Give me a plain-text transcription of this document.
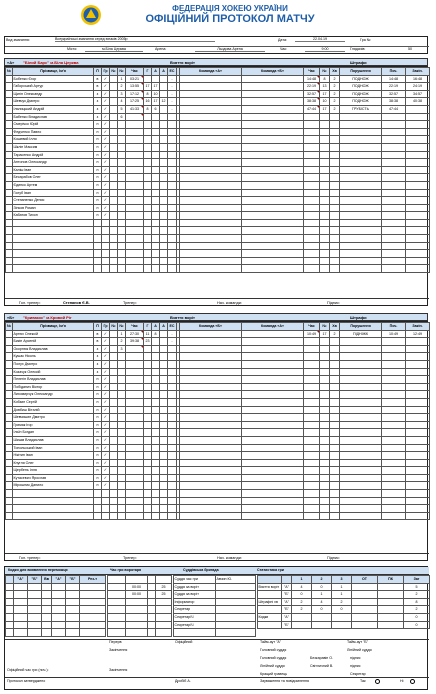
ФЕДЕРАЦІЯ ХОКЕЮ УКРАЇНИ
ОФІЦІЙНИЙ ПРОТОКОЛ МАТЧУ
Вид змагання:	Всеукраїнські змагання серед юнаків 2005р	Дата:	22.04.19	Гра №
Місто:	м.Біла Церква	Арена:	Льодова Арена	Час:	9:00	Глядачів:	50
«А» "Білий Барс" м.Біла Церква	Взяття воріт	Штрафи
№	Прізвище, Ім'я	П	Гр	№
	Бобенко Єгор	в	✓	
	Габорський Артур	в	✓	
	Щигін Олександр	з	✓	
	Шевчук Дмитро	з	✓	
	Ільницький Андрій	з	✓	
	Бабенко Владислав	з	✓	
	Смерічко Юрій	н	✓	
	Федченко Павло	н	✓	
	Кошевий Ілля	н	✓	
	Шклін Максим	н	✓	
	Тарасенко Андрій	н	✓	
	Антонов Олександр	н	✓	
	Каліш Іван	н	✓	
	Бесарабов Олег	н	✓	
	Єдинко Артем	н	✓	
	Голуб Іван	н	✓	
	Степаненко Денис	н	✓	
	Зінков Роман	н	✓	
	Кабатов Тихон	н	✓	

№	Час	Г	А	А	ЕС		Команда «А»	Команда «Б»
1	03:21				-			
2	13:55	17	17		-			
3	17:12	8	10		-			
4	17:25	16	17	12	-			
5	41:33	8	6		-			
6								

Час	№	Хв	Порушення	Поч.	Закін.
14:48	8	2	ПОДНОЖ	14:48	16:48
22:19	13	2	ПОДНОЖ	22:19	24:19
32:57	17	2	ПОДНОЖ	32:57	34:57
38:38	10	2	ПОДНОЖ	38:38	40:38
47:44	17	2	ГРУБІСТЬ	47:44	

Гол. тренер:	Степанов Є.В.	Тренер:	Нач. команди:	Підпис:
«Б» "Криваєкс" м.Кривий Ріг	Взяття воріт	Штрафи
№	Прізвище, Ім'я	П	Гр	№
	Артюх Олексій	в	✓	
	Бикін Арсеній	в	✓	
	Окорнюк Владислав	з	✓	
	Кушак Ніколь	з	✓	
	Полух Дмитро	з	✓	
	Козачук Олексій	з	✓	
	Пелегін Владислав	н	✓	
	Побіданич Віктор	н	✓	
	Лихомирчук Олександр	н	✓	
	Кобзин Сергій	н	✓	
	Довбиш Віталій	н	✓	
	Шевчишин Дмитро	н	✓	
	Гримак Ігор	н	✓	
	Ільїн Богдан	н	✓	
	Шишм Владислав	н	✓	
	Топольський Іван	н	✓	
	Нікітин Іван	н	✓	
	Кнугля Олег	н	✓	
	Щербень Ілля	н	✓	
	Кутасевич Ярослав	н	✓	
	Мірошник Данило	н	✓	

№	Час	Г	А	А	ЕС		Команда «Б»	Команда «А»
1	27:30	11	8		-			
2	39:38	23			-			
3								

Час	№	Хв	Порушення	Поч.	Закін.
10:49	17	2	ПІДНІЖК	10:49	12:49

Гол. тренер:	Тренер:	Нач. команди:	Підпис:
Кидки для виявлення переможця	Час гри воротаря	Суддівська бригада	Статистика гри
	"А"	"Б"	Вв	"А"	"Б"	Рез-т

	00:00		25
	00:00		25

Суддя час гри	Авчин Ю.
Суддя за воріт	
Суддя за воріт	
Інформатор	
Секретар	
Секретар/Ч	
Секретар/Ч	

		1	2	3	ОТ	ПК	Заг
Взяття воріт	"А"	4	0	1			5
	"Б"	0	1	1			2
Штрафні хв	"А"	2	4	2			8
	"Б"	2	0	0			2
Кидки	"А"						0
	"Б"						0
Тайм-аут "А"	Тайм-аут "Б"
Головний суддя	Лінійний суддя
Головний суддя	Безкаравін О.	підпис
Лінійний суддя	Світличний В.	підпис
Кращий гравець	Секретар
Перерв
Закінчення
Офіційний
Офіційний час гри (поч.):
Протокол затверджено
Закінчення
Дробіб А.	Зауваження та повідомлення	Так	Ні
